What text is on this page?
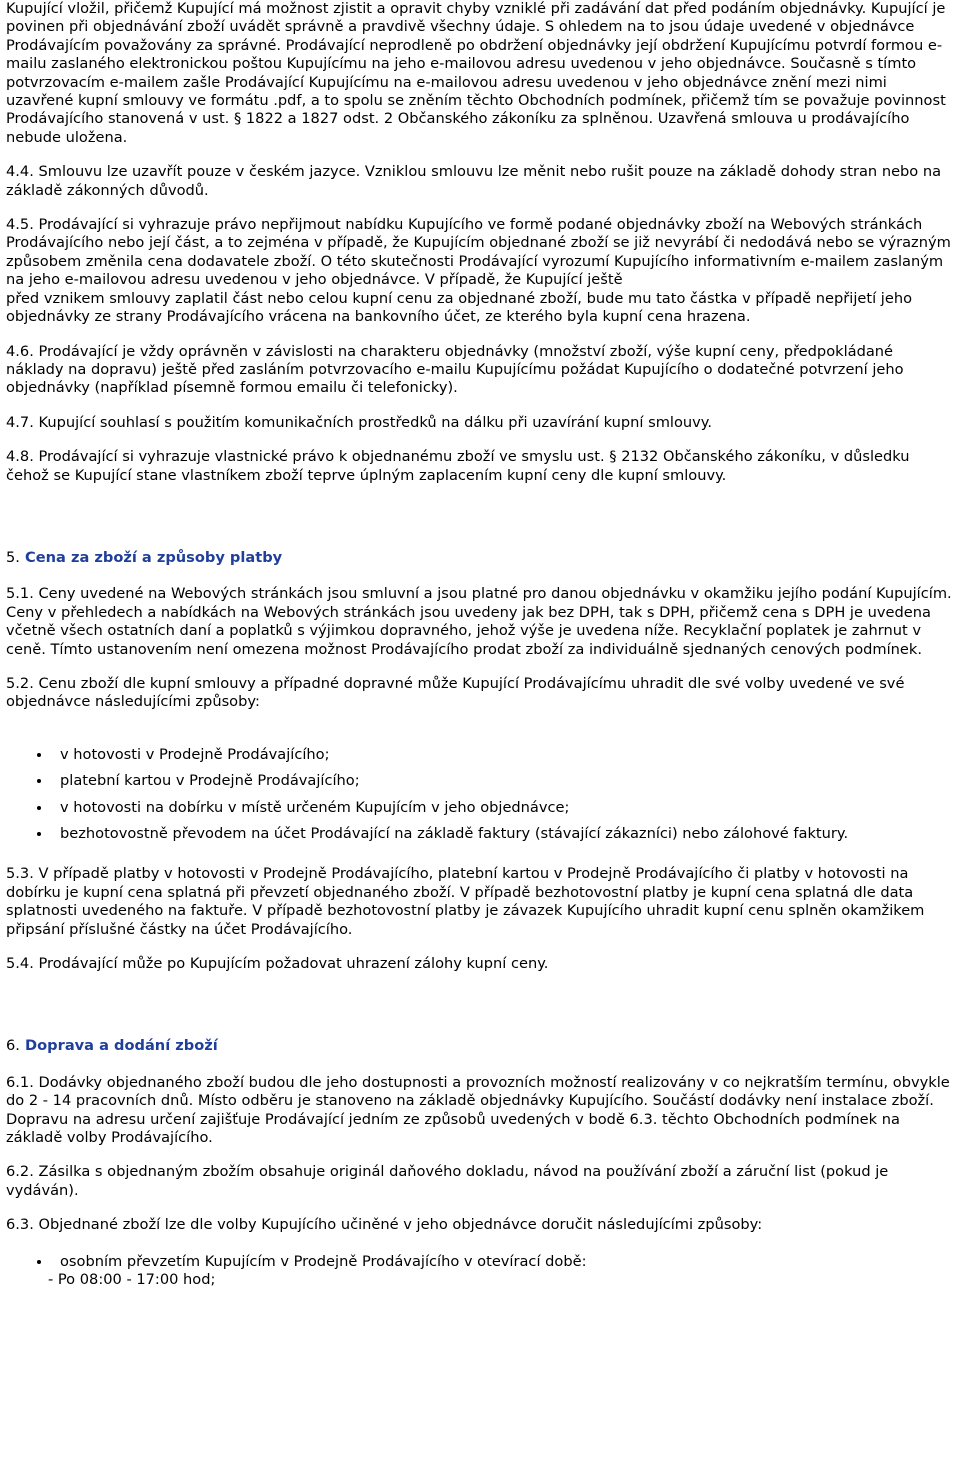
Kupující vložil, přičemž Kupující má možnost zjistit a opravit chyby vzniklé při zadávání dat před podáním objednávky. Kupující je povinen při objednávání zboží uvádět správně a pravdivě všechny údaje. S ohledem na to jsou údaje uvedené v objednávce Prodávajícím považovány za správné. Prodávající neprodleně po obdržení objednávky její obdržení Kupujícímu potvrdí formou e-mailu zaslaného elektronickou poštou Kupujícímu na jeho e-mailovou adresu uvedenou v jeho objednávce. Současně s tímto potvrzovacím e-mailem zašle Prodávající Kupujícímu na e-mailovou adresu uvedenou v jeho objednávce znění mezi nimi uzavřené kupní smlouvy ve formátu .pdf, a to spolu se zněním těchto Obchodních podmínek, přičemž tím se považuje povinnost Prodávajícího stanovená v ust. § 1822 a 1827 odst. 2 Občanského zákoníku za splněnou. Uzavřená smlouva u prodávajícího nebude uložena.

4.4. Smlouvu lze uzavřít pouze v českém jazyce. Vzniklou smlouvu lze měnit nebo rušit pouze na základě dohody stran nebo na základě zákonných důvodů.

4.5. Prodávající si vyhrazuje právo nepřijmout nabídku Kupujícího ve formě podané objednávky zboží na Webových stránkách Prodávajícího nebo její část, a to zejména v případě, že Kupujícím objednané zboží se již nevyrábí či nedodává nebo se výrazným způsobem změnila cena dodavatele zboží. O této skutečnosti Prodávající vyrozumí Kupujícího informativním e-mailem zaslaným na jeho e-mailovou adresu uvedenou v jeho objednávce. V případě, že Kupující ještě
před vznikem smlouvy zaplatil část nebo celou kupní cenu za objednané zboží, bude mu tato částka v případě nepřijetí jeho objednávky ze strany Prodávajícího vrácena na bankovního účet, ze kterého byla kupní cena hrazena.

4.6. Prodávající je vždy oprávněn v závislosti na charakteru objednávky (množství zboží, výše kupní ceny, předpokládané náklady na dopravu) ještě před zasláním potvrzovacího e-mailu Kupujícímu požádat Kupujícího o dodatečné potvrzení jeho objednávky (například písemně formou emailu či telefonicky).

4.7. Kupující souhlasí s použitím komunikačních prostředků na dálku při uzavírání kupní smlouvy.

4.8. Prodávající si vyhrazuje vlastnické právo k objednanému zboží ve smyslu ust. § 2132 Občanského zákoníku, v důsledku čehož se Kupující stane vlastníkem zboží teprve úplným zaplacením kupní ceny dle kupní smlouvy.

5. Cena za zboží a způsoby platby

5.1. Ceny uvedené na Webových stránkách jsou smluvní a jsou platné pro danou objednávku v okamžiku jejího podání Kupujícím. Ceny v přehledech a nabídkách na Webových stránkách jsou uvedeny jak bez DPH, tak s DPH, přičemž cena s DPH je uvedena včetně všech ostatních daní a poplatků s výjimkou dopravného, jehož výše je uvedena níže. Recyklační poplatek je zahrnut v ceně. Tímto ustanovením není omezena možnost Prodávajícího prodat zboží za individuálně sjednaných cenových podmínek.

5.2. Cenu zboží dle kupní smlouvy a případné dopravné může Kupující Prodávajícímu uhradit dle své volby uvedené ve své objednávce následujícími způsoby:

• v hotovosti v Prodejně Prodávajícího;
• platební kartou v Prodejně Prodávajícího;
• v hotovosti na dobírku v místě určeném Kupujícím v jeho objednávce;
• bezhotovostně převodem na účet Prodávající na základě faktury (stávající zákazníci) nebo zálohové faktury.

5.3. V případě platby v hotovosti v Prodejně Prodávajícího, platební kartou v Prodejně Prodávajícího či platby v hotovosti na dobírku je kupní cena splatná při převzetí objednaného zboží. V případě bezhotovostní platby je kupní cena splatná dle data splatnosti uvedeného na faktuře. V případě bezhotovostní platby je závazek Kupujícího uhradit kupní cenu splněn okamžikem připsání příslušné částky na účet Prodávajícího.

5.4. Prodávající může po Kupujícím požadovat uhrazení zálohy kupní ceny.

6. Doprava a dodání zboží

6.1. Dodávky objednaného zboží budou dle jeho dostupnosti a provozních možností realizovány v co nejkratším termínu, obvykle do 2 - 14 pracovních dnů. Místo odběru je stanoveno na základě objednávky Kupujícího. Součástí dodávky není instalace zboží. Dopravu na adresu určení zajišťuje Prodávající jedním ze způsobů uvedených v bodě 6.3. těchto Obchodních podmínek na základě volby Prodávajícího.

6.2. Zásilka s objednaným zbožím obsahuje originál daňového dokladu, návod na používání zboží a záruční list (pokud je vydáván).

6.3. Objednané zboží lze dle volby Kupujícího učiněné v jeho objednávce doručit následujícími způsoby:

• osobním převzetím Kupujícím v Prodejně Prodávajícího v otevírací době:
- Po 08:00 - 17:00 hod;
